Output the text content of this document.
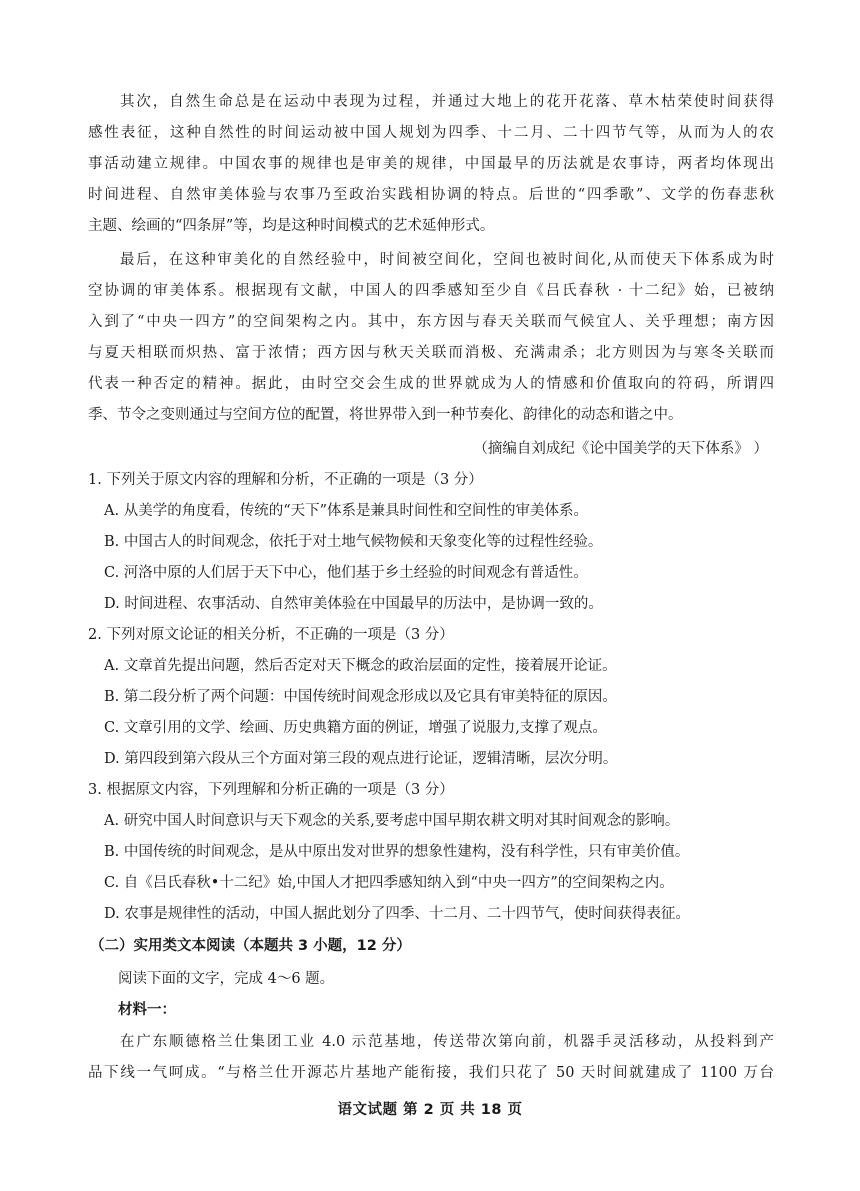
其次，自然生命总是在运动中表现为过程，并通过大地上的花开花落、草木枯荣使时间获得
感性表征，这种自然性的时间运动被中国人规划为四季、十二月、二十四节气等，从而为人的农
事活动建立规律。中国农事的规律也是审美的规律，中国最早的历法就是农事诗，两者均体现出
时间进程、自然审美体验与农事乃至政治实践相协调的特点。后世的“四季歌”、文学的伤春悲秋
主题、绘画的“四条屏”等，均是这种时间模式的艺术延伸形式。
最后，在这种审美化的自然经验中，时间被空间化，空间也被时间化,从而使天下体系成为时
空协调的审美体系。根据现有文献，中国人的四季感知至少自《吕氏春秋 · 十二纪》始，已被纳
入到了“中央一四方”的空间架构之内。其中，东方因与春天关联而气候宜人、关乎理想；南方因
与夏天相联而炽热、富于浓情；西方因与秋天关联而消极、充满肃杀；北方则因为与寒冬关联而
代表一种否定的精神。据此，由时空交会生成的世界就成为人的情感和价值取向的符码，所谓四
季、节令之变则通过与空间方位的配置，将世界带入到一种节奏化、韵律化的动态和谐之中。
（摘编自刘成纪《论中国美学的天下体系》 ）
1. 下列关于原文内容的理解和分析，不正确的一项是（3 分）
A. 从美学的角度看，传统的“天下”体系是兼具时间性和空间性的审美体系。
B. 中国古人的时间观念，依托于对土地气候物候和天象变化等的过程性经验。
C. 河洛中原的人们居于天下中心，他们基于乡土经验的时间观念有普适性。
D. 时间进程、农事活动、自然审美体验在中国最早的历法中，是协调一致的。
2. 下列对原文论证的相关分析，不正确的一项是（3 分）
A. 文章首先提出问题，然后否定对天下概念的政治层面的定性，接着展开论证。
B. 第二段分析了两个问题：中国传统时间观念形成以及它具有审美特征的原因。
C. 文章引用的文学、绘画、历史典籍方面的例证，增强了说服力,支撑了观点。
D. 第四段到第六段从三个方面对第三段的观点进行论证，逻辑清晰，层次分明。
3. 根据原文内容，下列理解和分析正确的一项是（3 分）
A. 研究中国人时间意识与天下观念的关系,要考虑中国早期农耕文明对其时间观念的影响。
B. 中国传统的时间观念，是从中原出发对世界的想象性建构，没有科学性，只有审美价值。
C. 自《吕氏春秋•十二纪》始,中国人才把四季感知纳入到“中央一四方”的空间架构之内。
D. 农事是规律性的活动，中国人据此划分了四季、十二月、二十四节气，使时间获得表征。
（二）实用类文本阅读（本题共 3 小题，12 分）
阅读下面的文字，完成 4～6 题。
材料一：
在广东顺德格兰仕集团工业 4.0 示范基地，传送带次第向前，机器手灵活移动，从投料到产
品下线一气呵成。“与格兰仕开源芯片基地产能衔接，我们只花了 50 天时间就建成了 1100 万台
语文试题 第 2 页 共 18 页
